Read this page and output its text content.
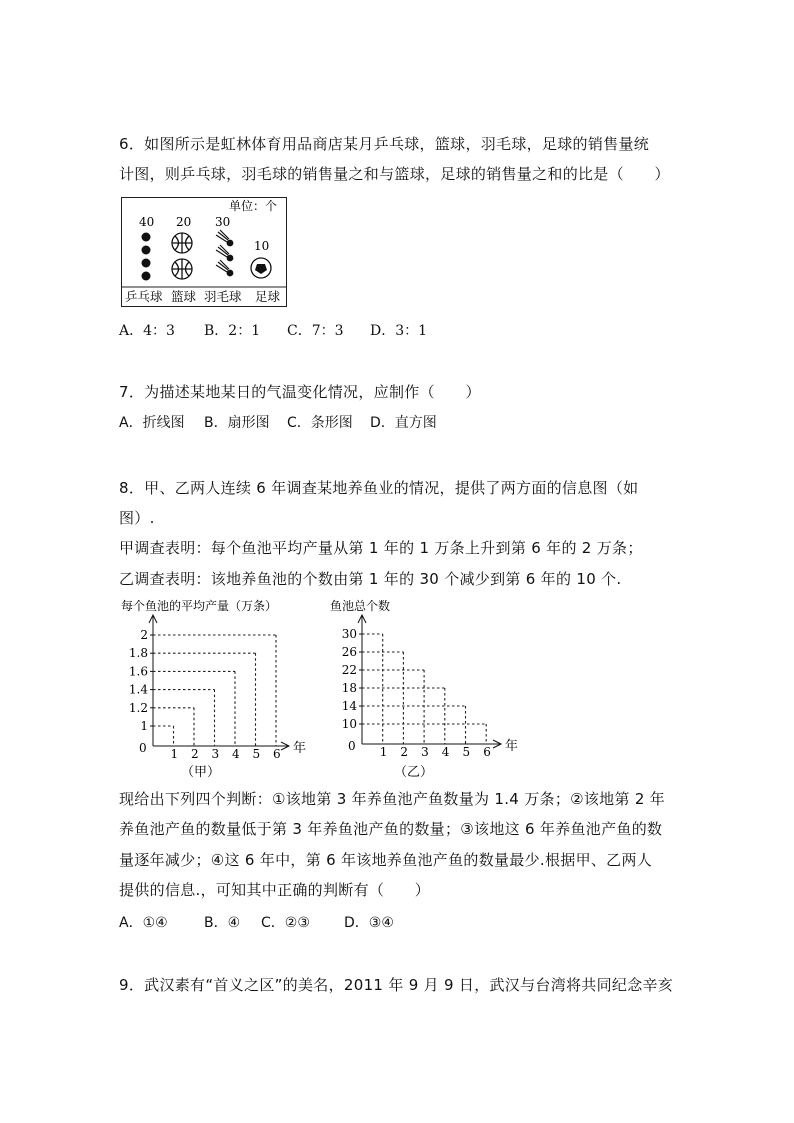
6．如图所示是虹林体育用品商店某月乒乓球，篮球，羽毛球，足球的销售量统
计图，则乒乓球，羽毛球的销售量之和与篮球，足球的销售量之和的比是（　　）
单位：个
40 20 30
10
乒乓球 篮球 羽毛球 足球
A．4：3 B．2：1 C．7：3 D．3：1
7．为描述某地某日的气温变化情况，应制作（　　）
A．折线图 B．扇形图 C．条形图 D．直方图
8．甲、乙两人连续 6 年调查某地养鱼业的情况，提供了两方面的信息图（如
图）.
甲调查表明：每个鱼池平均产量从第 1 年的 1 万条上升到第 6 年的 2 万条；
乙调查表明：该地养鱼池的个数由第 1 年的 30 个减少到第 6 年的 10 个.
每个鱼池的平均产量（万条）
年
0
1
1
1.2
2
1.4
3
1.6
4
1.8
5
2
6
（甲）
鱼池总个数
年
0
30
1
26
2
22
3
18
4
14
5
10
6
（乙）
现给出下列四个判断：①该地第 3 年养鱼池产鱼数量为 1.4 万条；②该地第 2 年
养鱼池产鱼的数量低于第 3 年养鱼池产鱼的数量；③该地这 6 年养鱼池产鱼的数
量逐年减少；④这 6 年中，第 6 年该地养鱼池产鱼的数量最少.根据甲、乙两人
提供的信息.，可知其中正确的判断有（　　）
A．①④	B．④ C．②③ D．③④
9．武汉素有“首义之区”的美名，2011 年 9 月 9 日，武汉与台湾将共同纪念辛亥
